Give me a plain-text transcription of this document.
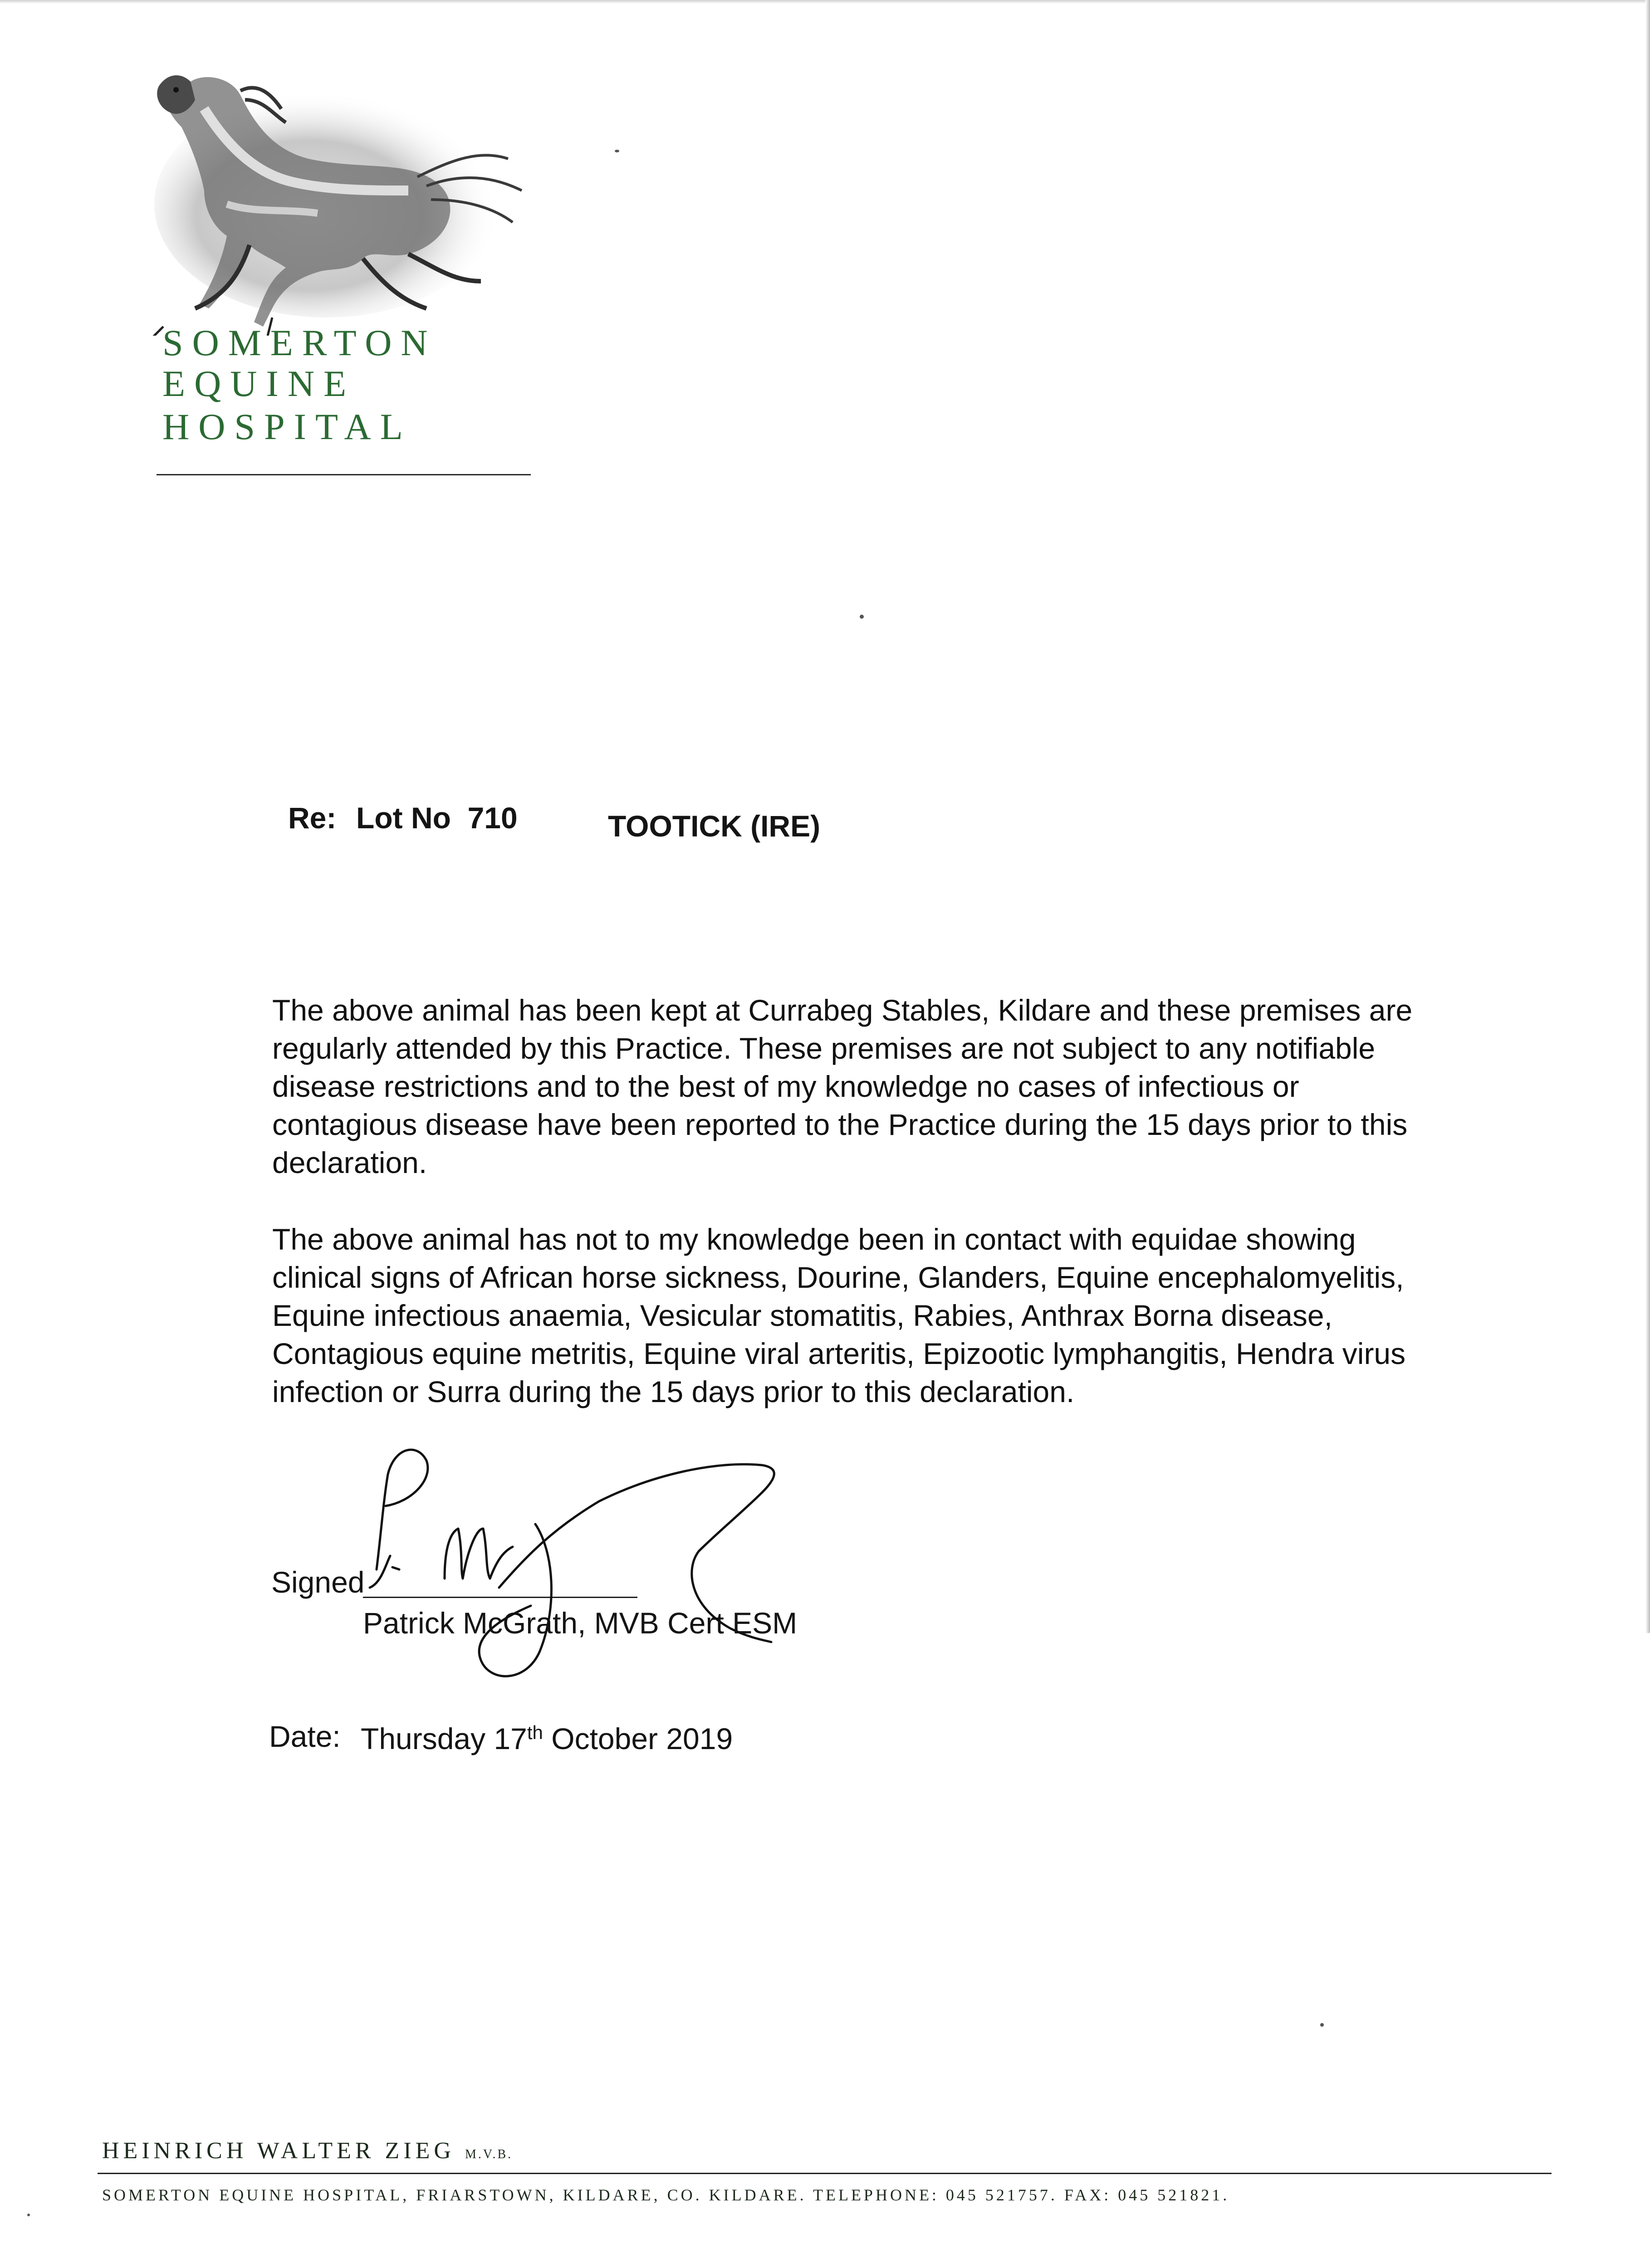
SOMERTON

EQUINE

HOSPITAL

Re: Lot No  710	TOOTICK (IRE)

The above animal has been kept at Currabeg Stables, Kildare and these premises are regularly attended by this Practice. These premises are not subject to any notifiable disease restrictions and to the best of my knowledge no cases of infectious or contagious disease have been reported to the Practice during the 15 days prior to this declaration.

The above animal has not to my knowledge been in contact with equidae showing clinical signs of African horse sickness, Dourine, Glanders, Equine encephalomyelitis, Equine infectious anaemia, Vesicular stomatitis, Rabies, Anthrax Borna disease, Contagious equine metritis, Equine viral arteritis, Epizootic lymphangitis, Hendra virus infection or Surra during the 15 days prior to this declaration.

Signed

Patrick McGrath, MVB Cert ESM

Date: Thursday 17th October 2019

HEINRICH WALTER ZIEG M.V.B.

SOMERTON EQUINE HOSPITAL, FRIARSTOWN, KILDARE, CO. KILDARE. TELEPHONE: 045 521757. FAX: 045 521821.
